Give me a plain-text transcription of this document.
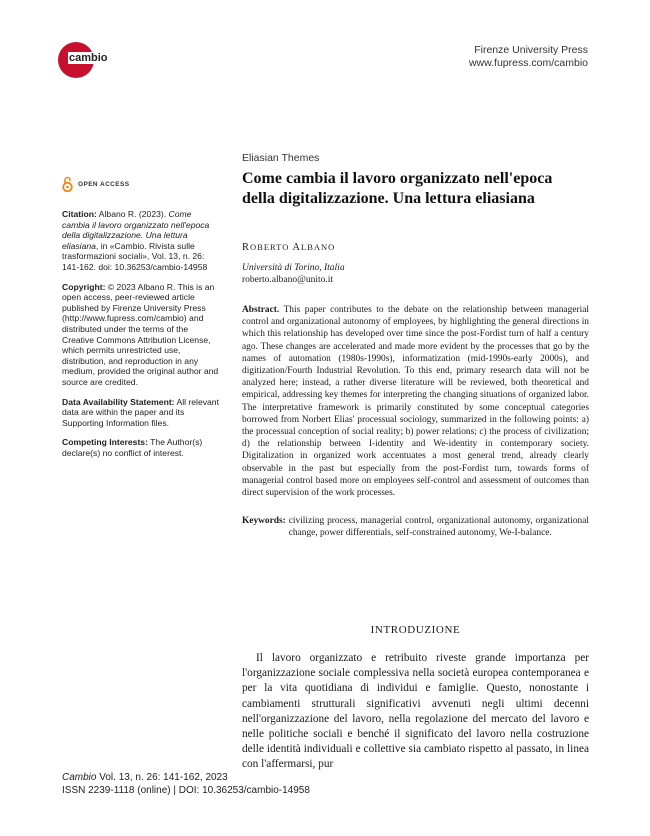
cambio
Firenze University Press
www.fupress.com/cambio
OPEN ACCESS

Citation: Albano R. (2023). Come cambia il lavoro organizzato nell'epoca della digitalizzazione. Una lettura eliasiana, in «Cambio. Rivista sulle trasformazioni sociali», Vol. 13, n. 26: 141-162. doi: 10.36253/cambio-14958

Copyright: © 2023 Albano R. This is an open access, peer-reviewed article published by Firenze University Press (http://www.fupress.com/cambio) and distributed under the terms of the Creative Commons Attribution License, which permits unrestricted use, distribution, and reproduction in any medium, provided the original author and source are credited.

Data Availability Statement: All relevant data are within the paper and its Supporting Information files.

Competing Interests: The Author(s) declare(s) no conflict of interest.

Eliasian Themes

Come cambia il lavoro organizzato nell'epoca della digitalizzazione. Una lettura eliasiana

ROBERTO ALBANO

Università di Torino, Italia

roberto.albano@unito.it

Abstract. This paper contributes to the debate on the relationship between managerial control and organizational autonomy of employees, by highlighting the general directions in which this relationship has developed over time since the post-Fordist turn of half a century ago. These changes are accelerated and made more evident by the processes that go by the names of automation (1980s-1990s), informatization (mid-1990s-early 2000s), and digitization/Fourth Industrial Revolution. To this end, primary research data will not be analyzed here; instead, a rather diverse literature will be reviewed, both theoretical and empirical, addressing key themes for interpreting the changing situations of organized labor. The interpretative framework is primarily constituted by some conceptual categories borrowed from Norbert Elias' processual sociology, summarized in the following points: a) the processual conception of social reality; b) power relations; c) the process of civilization; d) the relationship between I-identity and We-identity in contemporary society. Digitalization in organized work accentuates a most general trend, already clearly observable in the past but especially from the post-Fordist turn, towards forms of managerial control based more on employees self-control and assessment of outcomes than direct supervision of the work processes.

Keywords: civilizing process, managerial control, organizational autonomy, organizational change, power differentials, self-constrained autonomy, We-I-balance.
INTRODUZIONE

Il lavoro organizzato e retribuito riveste grande importanza per l'organizzazione sociale complessiva nella società europea contemporanea e per la vita quotidiana di individui e famiglie. Questo, nonostante i cambiamenti strutturali significativi avvenuti negli ultimi decenni nell'organizzazione del lavoro, nella regolazione del mercato del lavoro e nelle politiche sociali e benché il significato del lavoro nella costruzione delle identità individuali e collettive sia cambiato rispetto al passato, in linea con l'affermarsi, pur

Cambio Vol. 13, n. 26: 141-162, 2023
ISSN 2239-1118 (online) | DOI: 10.36253/cambio-14958
